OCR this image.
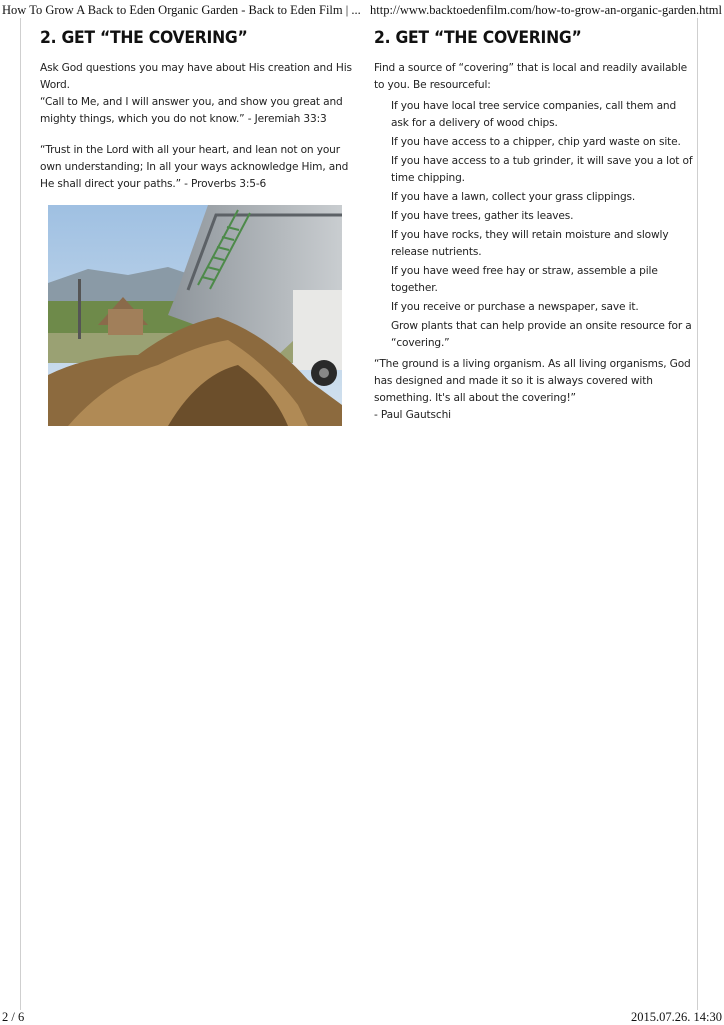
How To Grow A Back to Eden Organic Garden - Back to Eden Film | ... http://www.backtoedenfilm.com/how-to-grow-an-organic-garden.html
2. GET “THE COVERING”

Ask God questions you may have about His creation and His Word.

“Call to Me, and I will answer you, and show you great and mighty things, which you do not know.” - Jeremiah 33:3

“Trust in the Lord with all your heart, and lean not on your own understanding; In all your ways acknowledge Him, and He shall direct your paths.” - Proverbs 3:5-6

2. GET “THE COVERING”

Find a source of “covering” that is local and readily available to you. Be resourceful:

If you have local tree service companies, call them and ask for a delivery of wood chips.
If you have access to a chipper, chip yard waste on site.
If you have access to a tub grinder, it will save you a lot of time chipping.
If you have a lawn, collect your grass clippings.
If you have trees, gather its leaves.
If you have rocks, they will retain moisture and slowly release nutrients.
If you have weed free hay or straw, assemble a pile together.
If you receive or purchase a newspaper, save it.
Grow plants that can help provide an onsite resource for a “covering.”

“The ground is a living organism. As all living organisms, God has designed and made it so it is always covered with something. It's all about the covering!”

- Paul Gautschi

2 / 6	2015.07.26. 14:30
